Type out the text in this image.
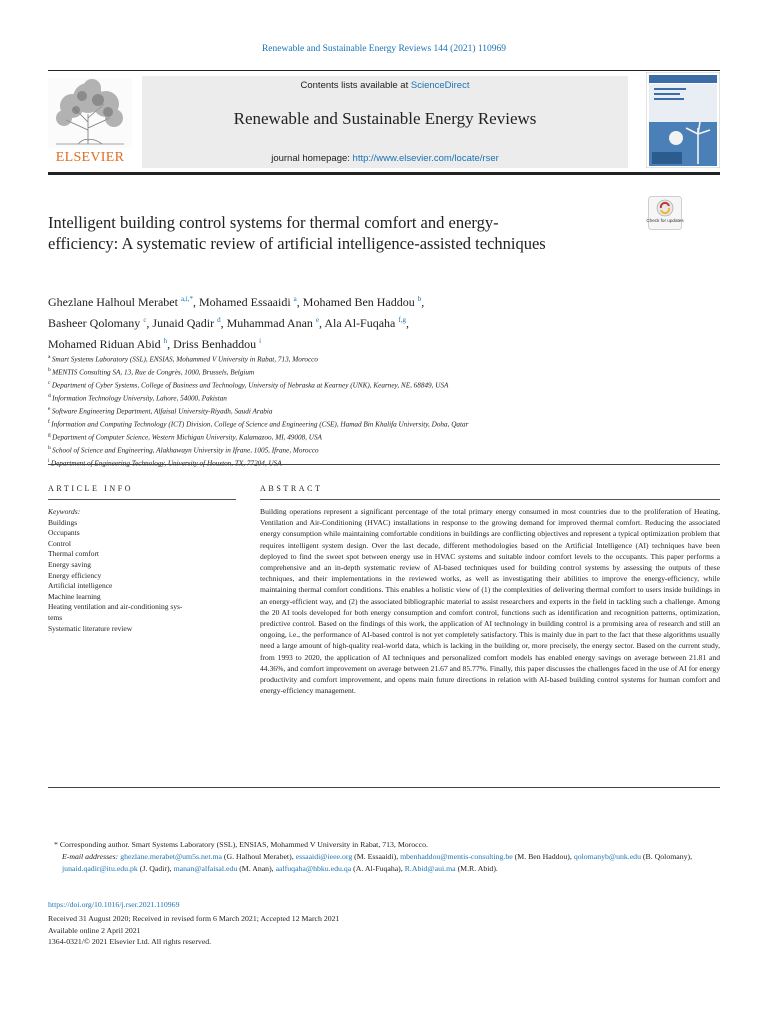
Renewable and Sustainable Energy Reviews 144 (2021) 110969
ELSEVIER
Contents lists available at ScienceDirect
Renewable and Sustainable Energy Reviews
journal homepage: http://www.elsevier.com/locate/rser
Check for updates
Intelligent building control systems for thermal comfort and energy-efficiency: A systematic review of artificial intelligence-assisted techniques
Ghezlane Halhoul Merabet $^{a,i,*}$, Mohamed Essaaidi $^a$, Mohamed Ben Haddou $^b$,
Basheer Qolomany $^c$, Junaid Qadir $^d$, Muhammad Anan $^e$, Ala Al-Fuqaha $^{f,g}$,
Mohamed Riduan Abid $^h$, Driss Benhaddou $^i$
$^a$ Smart Systems Laboratory (SSL), ENSIAS, Mohammed V University in Rabat, 713, Morocco
$^b$ MENTIS Consulting SA, 13, Rue de Congrès, 1000, Brussels, Belgium
$^c$ Department of Cyber Systems, College of Business and Technology, University of Nebraska at Kearney (UNK), Kearney, NE, 68849, USA
$^d$ Information Technology University, Lahore, 54000, Pakistan
$^e$ Software Engineering Department, Alfaisal University-Riyadh, Saudi Arabia
$^f$ Information and Computing Technology (ICT) Division, College of Science and Engineering (CSE), Hamad Bin Khalifa University, Doha, Qatar
$^g$ Department of Computer Science, Western Michigan University, Kalamazoo, MI, 49008, USA
$^h$ School of Science and Engineering, Alakhawayn University in Ifrane, 1005, Ifrane, Morocco
$^i$
ARTICLE INFO	ABSTRACT
Keywords:
Buildings
Occupants
Control
Thermal comfort
Energy saving
Energy efficiency
Artificial intelligence
Machine learning
Heating ventilation and air-conditioning sys-
tems
Systematic literature review
Building operations represent a significant percentage of the total primary energy consumed in most countries due to the proliferation of Heating, Ventilation and Air-Conditioning (HVAC) installations in response to the growing demand for improved thermal comfort. Reducing the associated energy consumption while maintaining comfortable conditions in buildings are conflicting objectives and represent a typical optimization problem that requires intelligent system design. Over the last decade, different methodologies based on the Artificial Intelligence (AI) techniques have been deployed to find the sweet spot between energy use in HVAC systems and suitable indoor comfort levels to the occupants. This paper performs a comprehensive and an in-depth systematic review of AI-based techniques used for building control systems by assessing the outputs of these techniques, and their implementations in the reviewed works, as well as investigating their abilities to improve the energy-efficiency, while maintaining thermal comfort conditions. This enables a holistic view of (1) the complexities of delivering thermal comfort to users inside buildings in an energy-efficient way, and (2) the associated bibliographic material to assist researchers and experts in the field in tackling such a challenge. Among the 20 AI tools developed for both energy consumption and comfort control, functions such as identification and recognition patterns, optimization, predictive control. Based on the findings of this work, the application of AI technology in building control is a promising area of research and still an ongoing, i.e., the performance of AI-based control is not yet completely satisfactory. This is mainly due in part to the fact that these algorithms usually need a large amount of high-quality real-world data, which is lacking in the building or, more precisely, the energy sector. Based on the current study, from 1993 to 2020, the application of AI techniques and personalized comfort models has enabled energy savings on average between 21.81 and 44.36%, and comfort improvement on average between 21.67 and 85.77%. Finally, this paper discusses the challenges faced in the use of AI for energy productivity and comfort improvement, and opens main future directions in relation with AI-based building control systems for human comfort and energy-efficiency management.
* Corresponding author. Smart Systems Laboratory (SSL), ENSIAS, Mohammed V University in Rabat, 713, Morocco.
E-mail addresses: ghezlane.merabet@um5s.net.ma (G. Halhoul Merabet), essaaidi@ieee.org (M. Essaaidi), mbenhaddou@mentis-consulting.be (M. Ben Haddou), qolomanyb@unk.edu (B. Qolomany), junaid.qadir@itu.edu.pk (J. Qadir), manan@alfaisal.edu (M. Anan), aalfuqaha@hbku.edu.qa (A. Al-Fuqaha), R.Abid@aui.ma (M.R. Abid).
https://doi.org/10.1016/j.rser.2021.110969
Received 31 August 2020; Received in revised form 6 March 2021; Accepted 12 March 2021
Available online 2 April 2021
1364-0321/© 2021 Elsevier Ltd. All rights reserved.
